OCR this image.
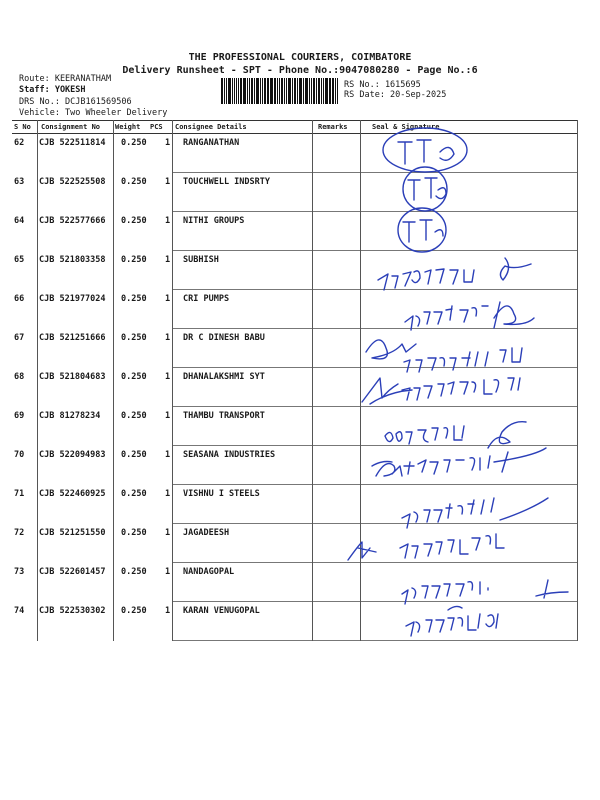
THE PROFESSIONAL COURIERS, COIMBATORE
Delivery Runsheet - SPT - Phone No.:9047080280 - Page No.:6
Route: KEERANATHAM
Staff: YOKESH
DRS No.: DCJB161569506
Vehicle: Two Wheeler Delivery
RS No.: 1615695
RS Date: 20-Sep-2025
S No Consignment No Weight PCS Consignee Details	Remarks	Seal & Signature
62 CJB 522511814 0.250 1 RANGANATHAN
63 CJB 522525508 0.250 1 TOUCHWELL INDSRTY
64 CJB 522577666 0.250 1 NITHI GROUPS
65 CJB 521803358 0.250 1 SUBHISH
66 CJB 521977024 0.250 1 CRI PUMPS
67 CJB 521251666 0.250 1 DR C DINESH BABU
68 CJB 521804683 0.250 1 DHANALAKSHMI SYT
69 CJB 81278234 0.250 1 THAMBU TRANSPORT
70 CJB 522094983 0.250 1 SEASANA INDUSTRIES
71 CJB 522460925 0.250 1 VISHNU I STEELS
72 CJB 521251550 0.250 1 JAGADEESH
73 CJB 522601457 0.250 1 NANDAGOPAL
74 CJB 522530302 0.250 1 KARAN VENUGOPAL
